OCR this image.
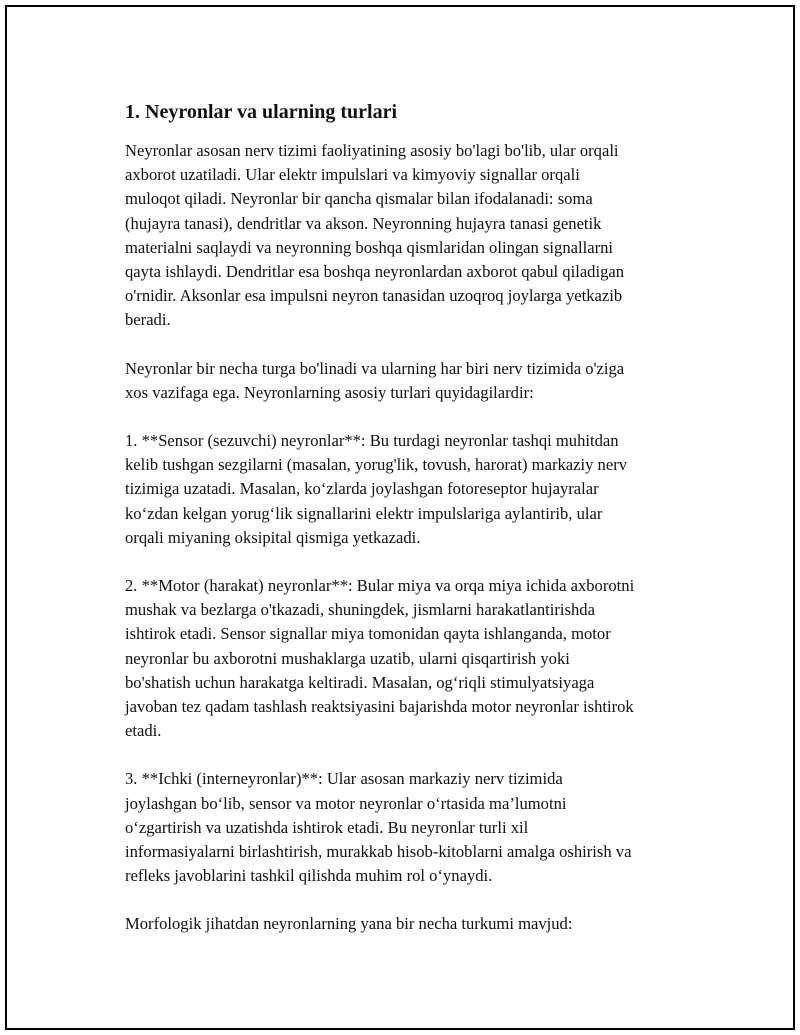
1. Neyronlar va ularning turlari

Neyronlar asosan nerv tizimi faoliyatining asosiy bo'lagi bo'lib, ular orqali
axborot uzatiladi. Ular elektr impulslari va kimyoviy signallar orqali
muloqot qiladi. Neyronlar bir qancha qismalar bilan ifodalanadi: soma
(hujayra tanasi), dendritlar va akson. Neyronning hujayra tanasi genetik
materialni saqlaydi va neyronning boshqa qismlaridan olingan signallarni
qayta ishlaydi. Dendritlar esa boshqa neyronlardan axborot qabul qiladigan
o'rnidir. Aksonlar esa impulsni neyron tanasidan uzoqroq joylarga yetkazib
beradi.

Neyronlar bir necha turga bo'linadi va ularning har biri nerv tizimida o'ziga
xos vazifaga ega. Neyronlarning asosiy turlari quyidagilardir:

1. **Sensor (sezuvchi) neyronlar**: Bu turdagi neyronlar tashqi muhitdan
kelib tushgan sezgilarni (masalan, yorug'lik, tovush, harorat) markaziy nerv
tizimiga uzatadi. Masalan, ko‘zlarda joylashgan fotoreseptor hujayralar
ko‘zdan kelgan yorug‘lik signallarini elektr impulslariga aylantirib, ular
orqali miyaning oksipital qismiga yetkazadi.

2. **Motor (harakat) neyronlar**: Bular miya va orqa miya ichida axborotni
mushak va bezlarga o'tkazadi, shuningdek, jismlarni harakatlantirishda
ishtirok etadi. Sensor signallar miya tomonidan qayta ishlanganda, motor
neyronlar bu axborotni mushaklarga uzatib, ularni qisqartirish yoki
bo'shatish uchun harakatga keltiradi. Masalan, og‘riqli stimulyatsiyaga
javoban tez qadam tashlash reaktsiyasini bajarishda motor neyronlar ishtirok
etadi.

3. **Ichki (interneyronlar)**: Ular asosan markaziy nerv tizimida
joylashgan bo‘lib, sensor va motor neyronlar o‘rtasida ma’lumotni
o‘zgartirish va uzatishda ishtirok etadi. Bu neyronlar turli xil
informasiyalarni birlashtirish, murakkab hisob-kitoblarni amalga oshirish va
refleks javoblarini tashkil qilishda muhim rol o‘ynaydi.

Morfologik jihatdan neyronlarning yana bir necha turkumi mavjud:
